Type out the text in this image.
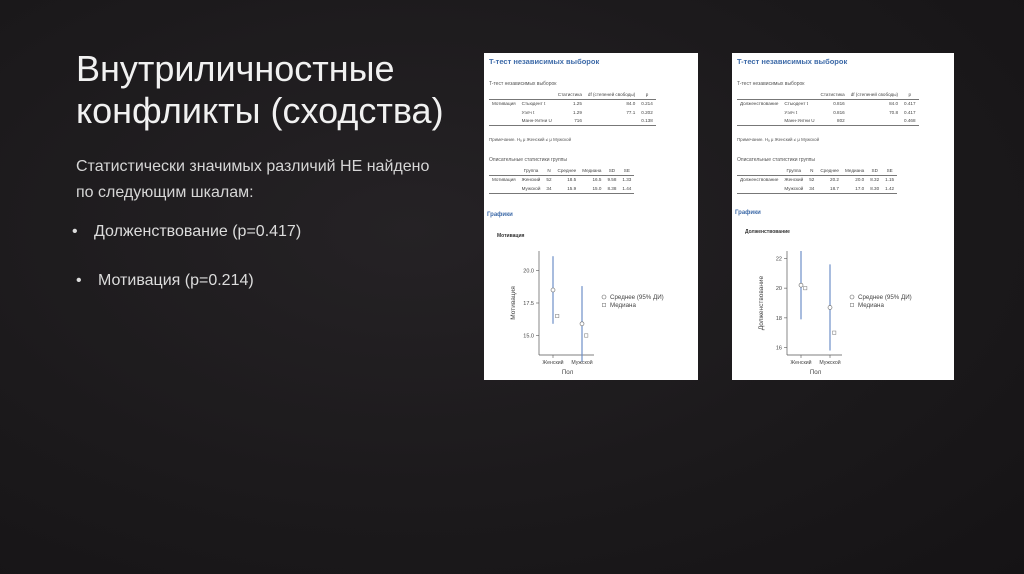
Внутриличностные
конфликты (сходства)
Статистически значимых различий НЕ найдено
по следующим шкалам:
• Долженствование (p=0.417)
• Мотивация (p=0.214)
T-тест независимых выборок
T-тест независимых выборок
		Статистика	df (степеней свободы)	p
Мотивация	Стьюдент t	1.25	84.0	0.214
	Уэлч t	1.29	77.1	0.202
	Манн-Уитни U	716		0.138
Примечание. Hₐ μ Женский ≠ μ Мужской
Описательные статистики группы
	Группа	N	Среднее	Медиана	SD	SE
Мотивация	Женский	52	18.5	16.5	9.58	1.33
	Мужской	34	15.9	15.0	8.38	1.44
Графики
Мотивация
15.0
17.5
20.0
Мотивация
Женский Мужской
Пол
Среднее (95% ДИ)
Медиана
T-тест независимых выборок
T-тест независимых выборок
		Статистика	df (степеней свободы)	p
Долженствование	Стьюдент t	0.816	84.0	0.417
	Уэлч t	0.816	70.8	0.417
	Манн-Уитни U	802		0.468
Примечание. Hₐ μ Женский ≠ μ Мужской
Описательные статистики группы
	Группа	N	Среднее	Медиана	SD	SE
Долженствование	Женский	52	20.2	20.0	8.32	1.15
	Мужской	34	18.7	17.0	8.30	1.42
Графики
Долженствование
16
18
20
22
Долженствование
Женский Мужской
Пол
Среднее (95% ДИ)
Медиана
